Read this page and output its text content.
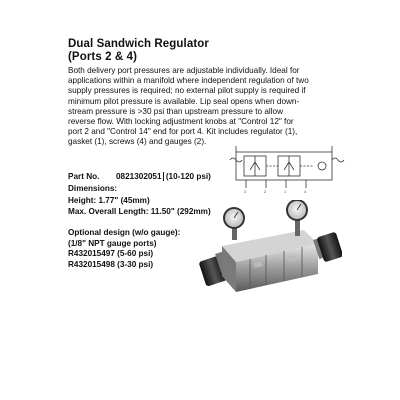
Dual Sandwich Regulator
(Ports 2 & 4)
Both delivery port pressures are adjustable individually. Ideal for
applications within a manifold where independent regulation of two
supply pressures is required; no external pilot supply is required if
minimum pilot pressure is available. Lip seal opens when down-
stream pressure is >30 psi than upstream pressure to allow
reverse flow. With locking adjustment knobs at "Control 12" for
port 2 and "Control 14" end for port 4. Kit includes regulator (1),
gasket (1), screws (4) and gauges (2).
Part No. 0821302051 (10-120 psi)
Dimensions:
Height: 1.77" (45mm)
Max. Overall Length: 11.50" (292mm)
Optional design (w/o gauge):
(1/8" NPT gauge ports)
R432015497 (5-60 psi)
R432015498 (3-30 psi)
3	2	1	4
